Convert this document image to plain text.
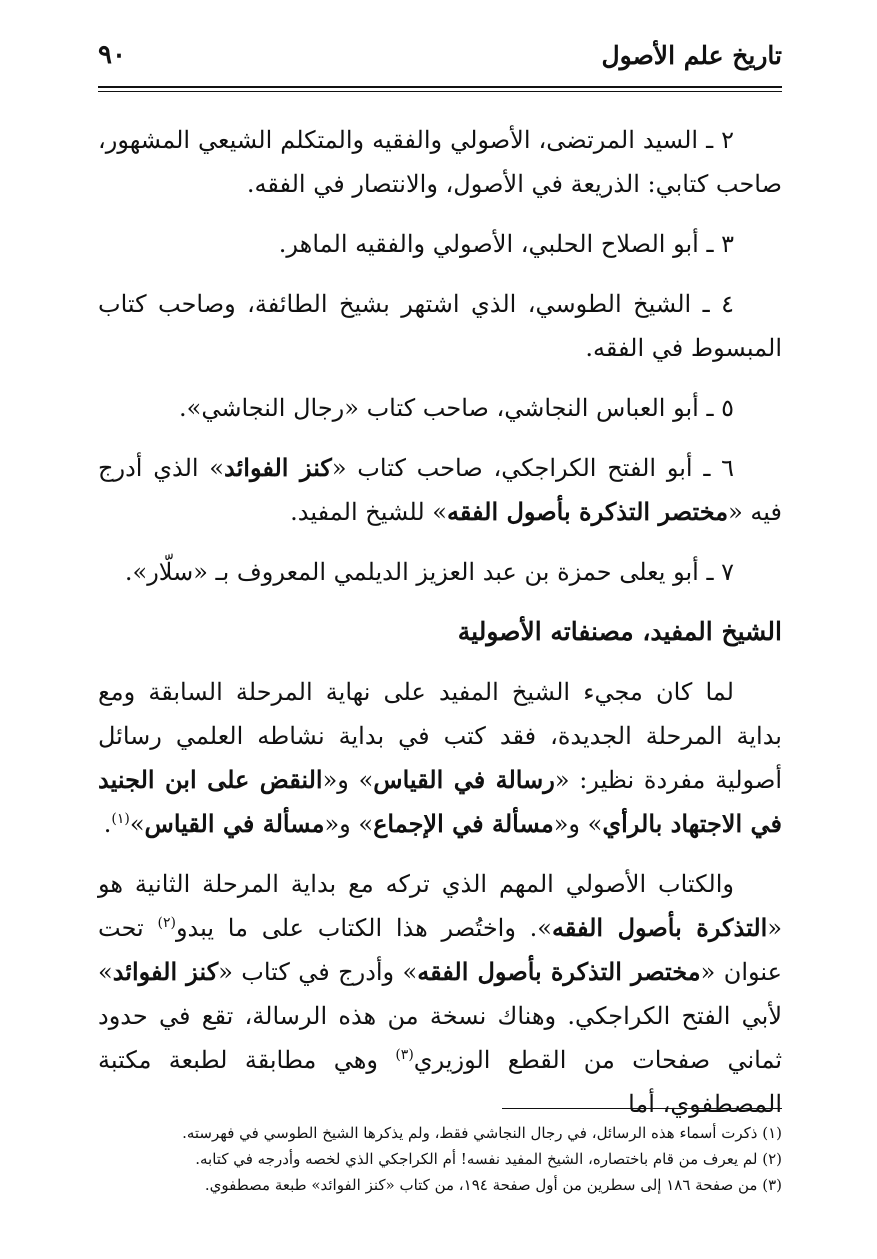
٩٠	تاريخ علم الأصول

٢ ـ السيد المرتضى، الأصولي والفقيه والمتكلم الشيعي المشهور، صاحب كتابي: الذريعة في الأصول، والانتصار في الفقه.

٣ ـ أبو الصلاح الحلبي، الأصولي والفقيه الماهر.

٤ ـ الشيخ الطوسي، الذي اشتهر بشيخ الطائفة، وصاحب كتاب المبسوط في الفقه.

٥ ـ أبو العباس النجاشي، صاحب كتاب «رجال النجاشي».

٦ ـ أبو الفتح الكراجكي، صاحب كتاب «كنز الفوائد» الذي أدرج فيه «مختصر التذكرة بأصول الفقه» للشيخ المفيد.

٧ ـ أبو يعلى حمزة بن عبد العزيز الديلمي المعروف بـ «سلّار».

الشيخ المفيد، مصنفاته الأصولية

لما كان مجيء الشيخ المفيد على نهاية المرحلة السابقة ومع بداية المرحلة الجديدة، فقد كتب في بداية نشاطه العلمي رسائل أصولية مفردة نظير: «رسالة في القياس» و«النقض على ابن الجنيد في الاجتهاد بالرأي» و«مسألة في الإجماع» و«مسألة في القياس»$^{(١)}$.

والكتاب الأصولي المهم الذي تركه مع بداية المرحلة الثانية هو «التذكرة بأصول الفقه». واختُصر هذا الكتاب على ما يبدو$^{(٢)}$ تحت عنوان «مختصر التذكرة بأصول الفقه» وأدرج في كتاب «كنز الفوائد» لأبي الفتح الكراجكي. وهناك نسخة من هذه الرسالة، تقع في حدود ثماني صفحات من القطع الوزيري$^{(٣)}$ وهي مطابقة لطبعة مكتبة المصطفوي، أما

(١) ذكرت أسماء هذه الرسائل، في رجال النجاشي فقط، ولم يذكرها الشيخ الطوسي في فهرسته.
(٢) لم يعرف من قام باختصاره، الشيخ المفيد نفسه! أم الكراجكي الذي لخصه وأدرجه في كتابه.
(٣) من صفحة ١٨٦ إلى سطرين من أول صفحة ١٩٤، من كتاب «كنز الفوائد» طبعة مصطفوي.
